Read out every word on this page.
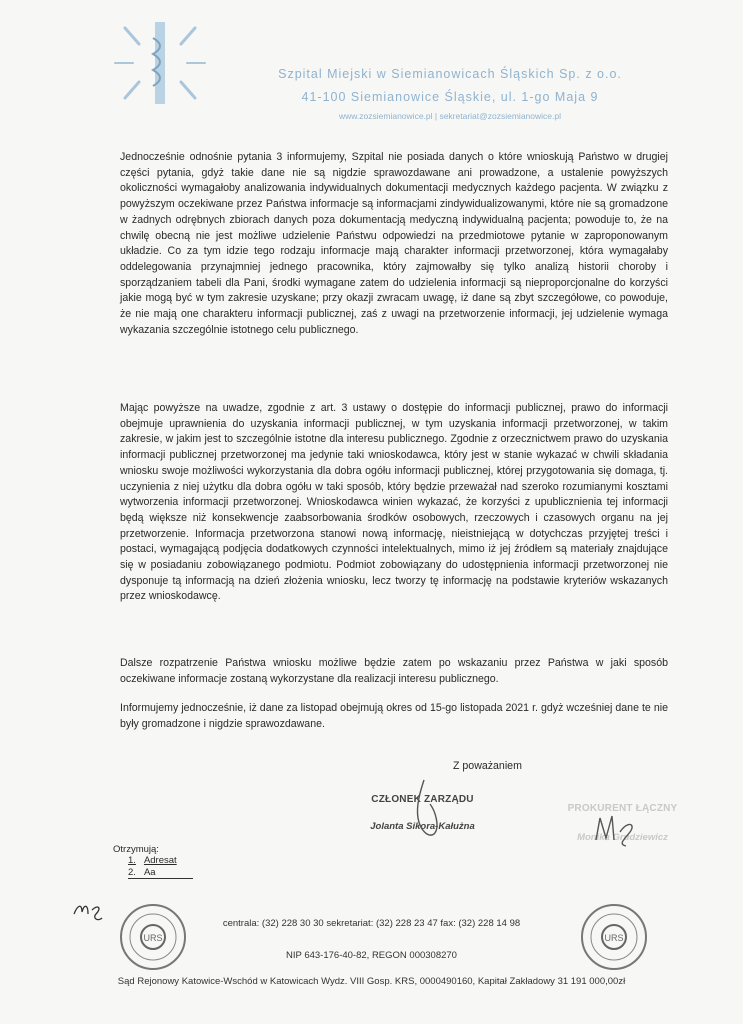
Szpital Miejski w Siemianowicach Śląskich Sp. z o.o.
41-100 Siemianowice Śląskie, ul. 1-go Maja 9
www.zozsiemianowice.pl | sekretariat@zozsiemianowice.pl

Jednocześnie odnośnie pytania 3 informujemy, Szpital nie posiada danych o które wnioskują Państwo w drugiej części pytania, gdyż takie dane nie są nigdzie sprawozdawane ani prowadzone, a ustalenie powyższych okoliczności wymagałoby analizowania indywidualnych dokumentacji medycznych każdego pacjenta. W związku z powyższym oczekiwane przez Państwa informacje są informacjami zindywidualizowanymi, które nie są gromadzone w żadnych odrębnych zbiorach danych poza dokumentacją medyczną indywidualną pacjenta; powoduje to, że na chwilę obecną nie jest możliwe udzielenie Państwu odpowiedzi na przedmiotowe pytanie w zaproponowanym układzie. Co za tym idzie tego rodzaju informacje mają charakter informacji przetworzonej, która wymagałaby oddelegowania przynajmniej jednego pracownika, który zajmowałby się tylko analizą historii choroby i sporządzaniem tabeli dla Pani, środki wymagane zatem do udzielenia informacji są nieproporcjonalne do korzyści jakie mogą być w tym zakresie uzyskane; przy okazji zwracam uwagę, iż dane są zbyt szczegółowe, co powoduje, że nie mają one charakteru informacji publicznej, zaś z uwagi na przetworzenie informacji, jej udzielenie wymaga wykazania szczególnie istotnego celu publicznego.

Mając powyższe na uwadze, zgodnie z art. 3 ustawy o dostępie do informacji publicznej, prawo do informacji obejmuje uprawnienia do uzyskania informacji publicznej, w tym uzyskania informacji przetworzonej, w takim zakresie, w jakim jest to szczególnie istotne dla interesu publicznego. Zgodnie z orzecznictwem prawo do uzyskania informacji publicznej przetworzonej ma jedynie taki wnioskodawca, który jest w stanie wykazać w chwili składania wniosku swoje możliwości wykorzystania dla dobra ogółu informacji publicznej, której przygotowania się domaga, tj. uczynienia z niej użytku dla dobra ogółu w taki sposób, który będzie przeważał nad szeroko rozumianymi kosztami wytworzenia informacji przetworzonej. Wnioskodawca winien wykazać, że korzyści z upublicznienia tej informacji będą większe niż konsekwencje zaabsorbowania środków osobowych, rzeczowych i czasowych organu na jej przetworzenie. Informacja przetworzona stanowi nową informację, nieistniejącą w dotychczas przyjętej treści i postaci, wymagającą podjęcia dodatkowych czynności intelektualnych, mimo iż jej źródłem są materiały znajdujące się w posiadaniu zobowiązanego podmiotu. Podmiot zobowiązany do udostępnienia informacji przetworzonej nie dysponuje tą informacją na dzień złożenia wniosku, lecz tworzy tę informację na podstawie kryteriów wskazanych przez wnioskodawcę.

Dalsze rozpatrzenie Państwa wniosku możliwe będzie zatem po wskazaniu przez Państwa w jaki sposób oczekiwane informacje zostaną wykorzystane dla realizacji interesu publicznego.

Informujemy jednocześnie, iż dane za listopad obejmują okres od 15-go listopada 2021 r. gdyż wcześniej dane te nie były gromadzone i nigdzie sprawozdawane.

Z poważaniem
CZŁONEK ZARZĄDU
Jolanta Sikora-Kałużna
PROKURENT ŁĄCZNY
Monika Grudziewicz
Otrzymują:
1. Adresat
2. Aa
URS	URS
centrala: (32) 228 30 30 sekretariat: (32) 228 23 47 fax: (32) 228 14 98
NIP 643-176-40-82, REGON 000308270
Sąd Rejonowy Katowice-Wschód w Katowicach Wydz. VIII Gosp. KRS, 0000490160, Kapitał Zakładowy 31 191 000,00zł
